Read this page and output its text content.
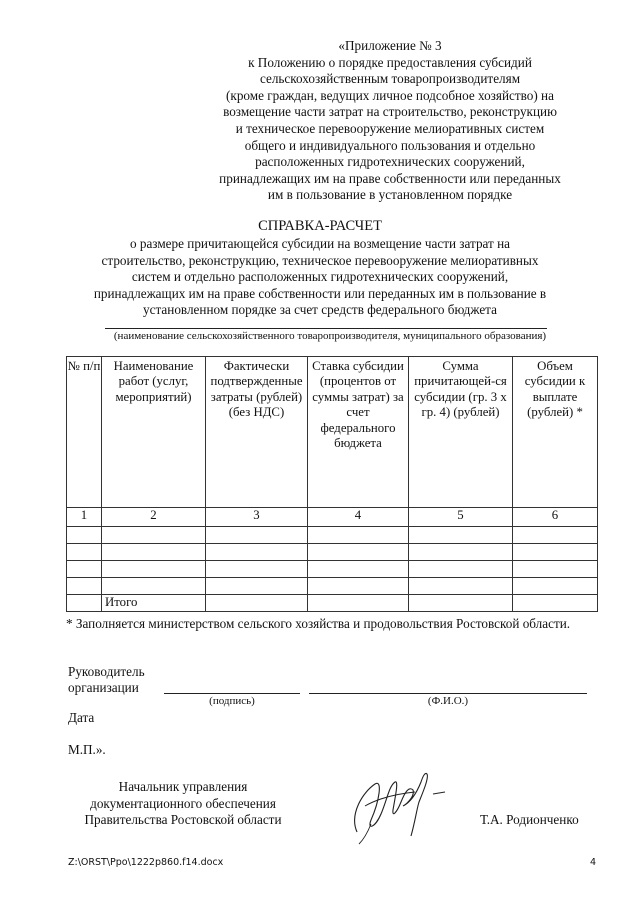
«Приложение № 3
к Положению о порядке предоставления субсидий
сельскохозяйственным товаропроизводителям
(кроме граждан, ведущих личное подсобное хозяйство) на
возмещение части затрат на строительство, реконструкцию
и техническое перевооружение мелиоративных систем
общего и индивидуального пользования и отдельно
расположенных гидротехнических сооружений,
принадлежащих им на праве собственности или переданных
им в пользование в установленном порядке
СПРАВКА-РАСЧЕТ
о размере причитающейся субсидии на возмещение части затрат на
строительство, реконструкцию, техническое перевооружение мелиоративных
систем и отдельно расположенных гидротехнических сооружений,
принадлежащих им на праве собственности или переданных им в пользование в
установленном порядке за счет средств федерального бюджета
(наименование сельскохозяйственного товаропроизводителя, муниципального образования)
№ п/п	Наименование работ (услуг, мероприятий)	Фактически подтвержденные затраты (рублей) (без НДС)	Ставка субсидии (процентов от суммы затрат) за счет федерального бюджета	Сумма причитающей-ся субсидии (гр. 3 х гр. 4) (рублей)	Объем субсидии к выплате (рублей) *
1	2	3	4	5	6

	Итого				
* Заполняется министерством сельского хозяйства и продовольствия Ростовской области.
Руководитель
организации
(подпись)	(Ф.И.О.)
Дата
М.П.».
Начальник управления
документационного обеспечения
Правительства Ростовской области	Т.А. Родионченко
Z:\ORST\Ppo\1222p860.f14.docx	4
